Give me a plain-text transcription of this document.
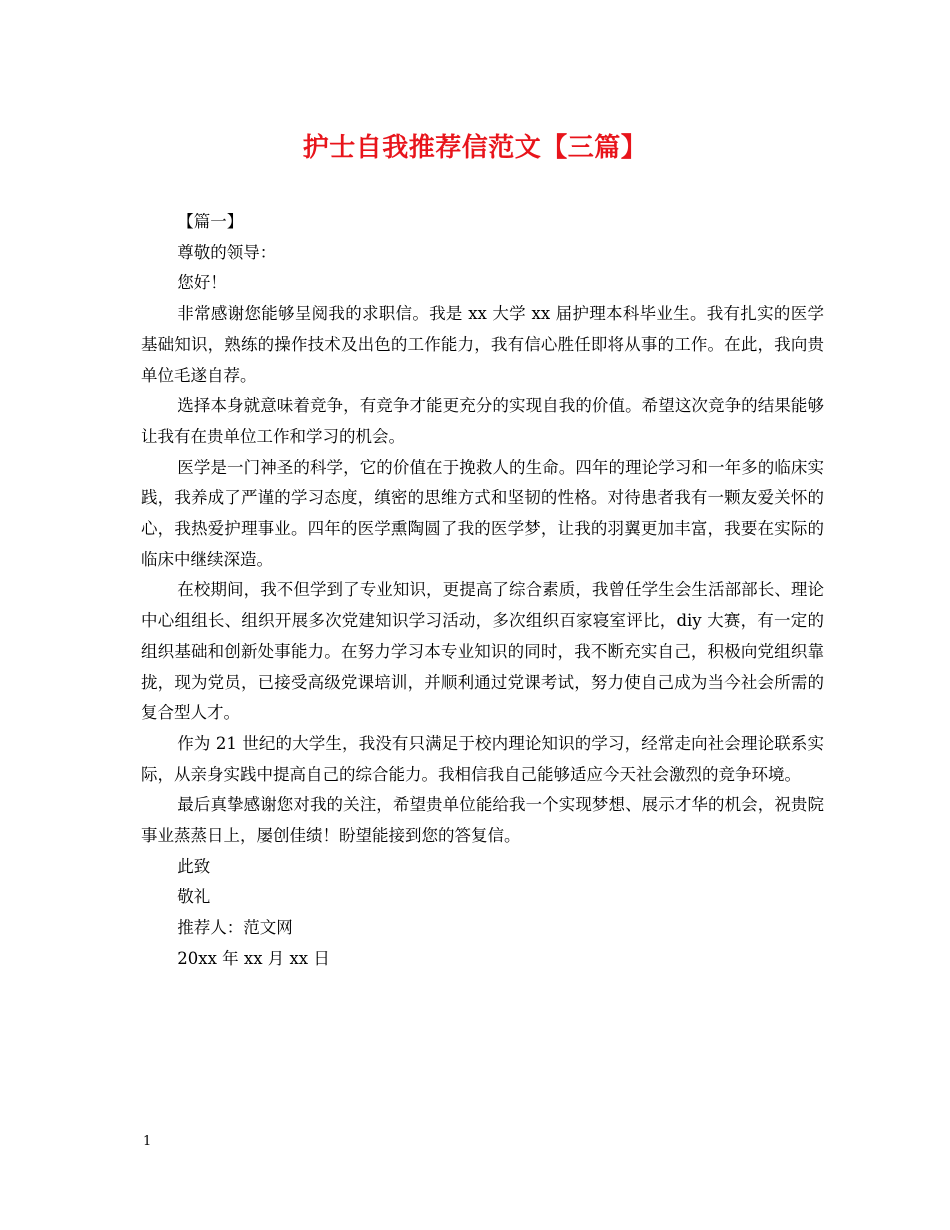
护士自我推荐信范文【三篇】

【篇一】

尊敬的领导：

您好！

非常感谢您能够呈阅我的求职信。我是 xx 大学 xx 届护理本科毕业生。我有扎实的医学基础知识，熟练的操作技术及出色的工作能力，我有信心胜任即将从事的工作。在此，我向贵单位毛遂自荐。

选择本身就意味着竞争，有竞争才能更充分的实现自我的价值。希望这次竞争的结果能够让我有在贵单位工作和学习的机会。

医学是一门神圣的科学，它的价值在于挽救人的生命。四年的理论学习和一年多的临床实践，我养成了严谨的学习态度，缜密的思维方式和坚韧的性格。对待患者我有一颗友爱关怀的心，我热爱护理事业。四年的医学熏陶圆了我的医学梦，让我的羽翼更加丰富，我要在实际的临床中继续深造。

在校期间，我不但学到了专业知识，更提高了综合素质，我曾任学生会生活部部长、理论中心组组长、组织开展多次党建知识学习活动，多次组织百家寝室评比，diy 大赛，有一定的组织基础和创新处事能力。在努力学习本专业知识的同时，我不断充实自己，积极向党组织靠拢，现为党员，已接受高级党课培训，并顺利通过党课考试，努力使自己成为当今社会所需的复合型人才。

作为 21 世纪的大学生，我没有只满足于校内理论知识的学习，经常走向社会理论联系实际，从亲身实践中提高自己的综合能力。我相信我自己能够适应今天社会激烈的竞争环境。

最后真挚感谢您对我的关注，希望贵单位能给我一个实现梦想、展示才华的机会，祝贵院事业蒸蒸日上，屡创佳绩！盼望能接到您的答复信。

此致

敬礼

推荐人：范文网

20xx 年 xx 月 xx 日

1
